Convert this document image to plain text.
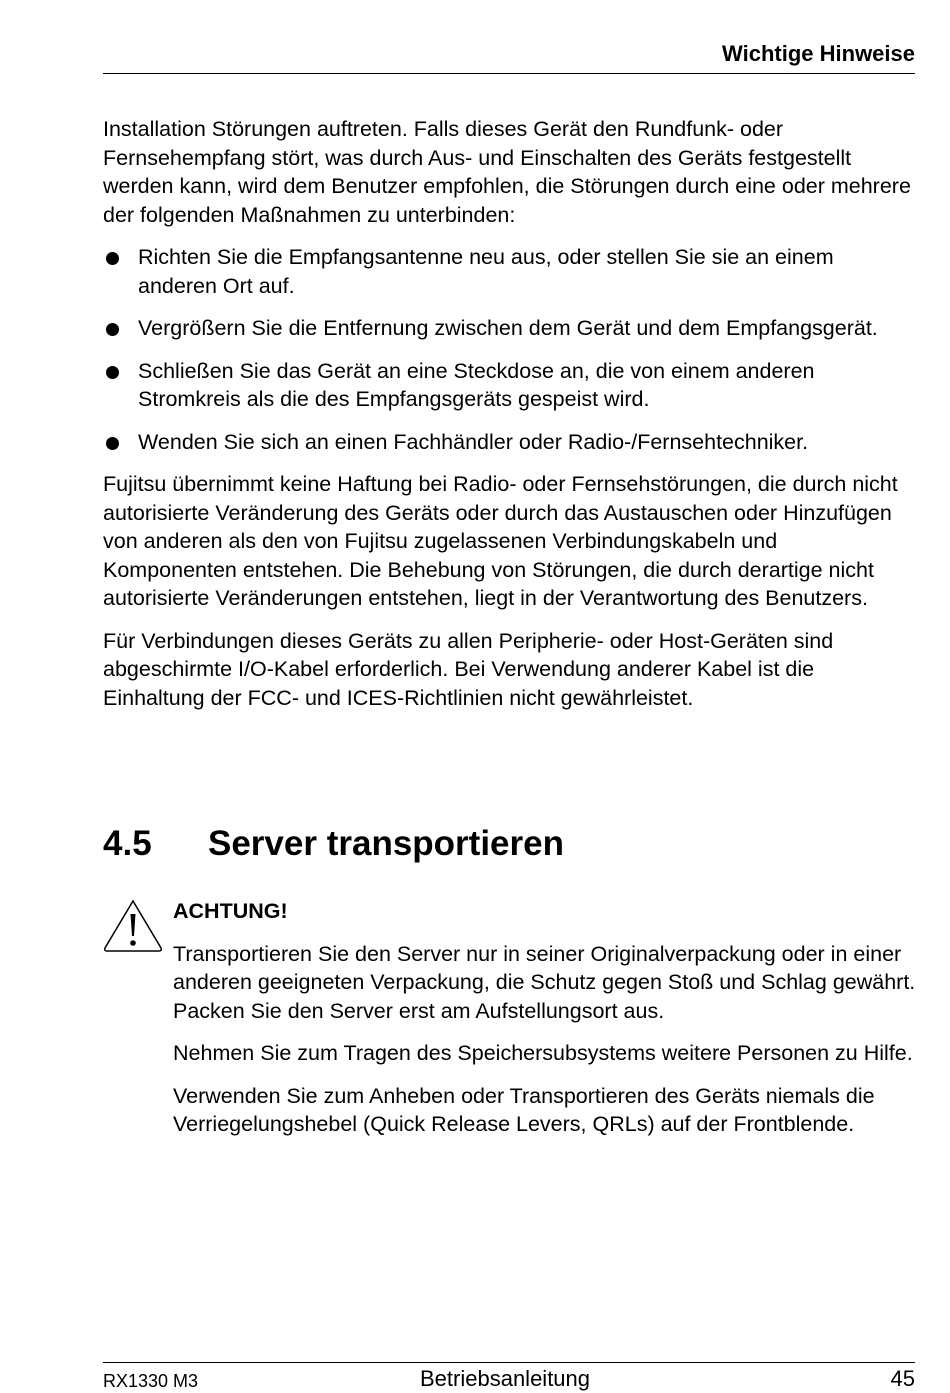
Wichtige Hinweise

Installation Störungen auftreten. Falls dieses Gerät den Rundfunk- oder Fernsehempfang stört, was durch Aus- und Einschalten des Geräts festgestellt werden kann, wird dem Benutzer empfohlen, die Störungen durch eine oder mehrere der folgenden Maßnahmen zu unterbinden:

Richten Sie die Empfangsantenne neu aus, oder stellen Sie sie an einem anderen Ort auf.
Vergrößern Sie die Entfernung zwischen dem Gerät und dem Empfangsgerät.
Schließen Sie das Gerät an eine Steckdose an, die von einem anderen Stromkreis als die des Empfangsgeräts gespeist wird.
Wenden Sie sich an einen Fachhändler oder Radio-/Fernsehtechniker.

Fujitsu übernimmt keine Haftung bei Radio- oder Fernsehstörungen, die durch nicht autorisierte Veränderung des Geräts oder durch das Austauschen oder Hinzufügen von anderen als den von Fujitsu zugelassenen Verbindungskabeln und Komponenten entstehen. Die Behebung von Störungen, die durch derartige nicht autorisierte Veränderungen entstehen, liegt in der Verantwortung des Benutzers.

Für Verbindungen dieses Geräts zu allen Peripherie- oder Host-Geräten sind abgeschirmte I/O-Kabel erforderlich. Bei Verwendung anderer Kabel ist die Einhaltung der FCC- und ICES-Richtlinien nicht gewährleistet.

4.5 Server transportieren

ACHTUNG!

Transportieren Sie den Server nur in seiner Originalverpackung oder in einer anderen geeigneten Verpackung, die Schutz gegen Stoß und Schlag gewährt. Packen Sie den Server erst am Aufstellungsort aus.

Nehmen Sie zum Tragen des Speichersubsystems weitere Personen zu Hilfe.

Verwenden Sie zum Anheben oder Transportieren des Geräts niemals die Verriegelungshebel (Quick Release Levers, QRLs) auf der Frontblende.

RX1330 M3	Betriebsanleitung	45
